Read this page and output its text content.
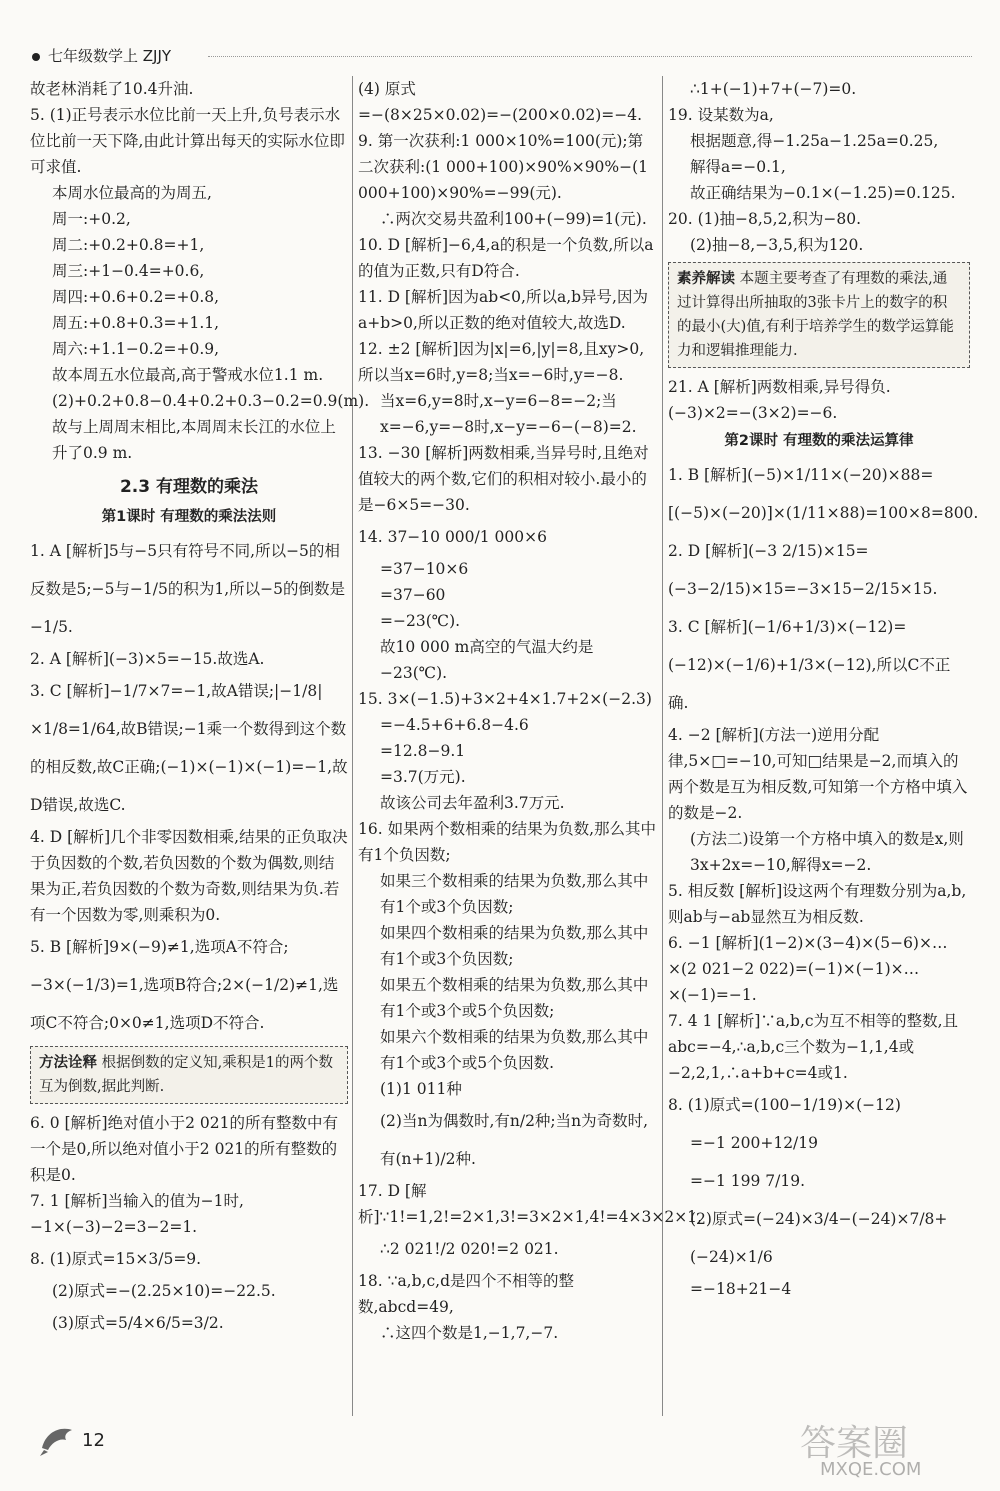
七年级数学上 ZJJY
故老林消耗了10.4升油.
5. (1)正号表示水位比前一天上升,负号表示水位比前一天下降,由此计算出每天的实际水位即可求值.
本周水位最高的为周五,
周一:+0.2,
周二:+0.2+0.8=+1,
周三:+1−0.4=+0.6,
周四:+0.6+0.2=+0.8,
周五:+0.8+0.3=+1.1,
周六:+1.1−0.2=+0.9,
故本周五水位最高,高于警戒水位1.1 m.
(2)+0.2+0.8−0.4+0.2+0.3−0.2=0.9(m).
故与上周周末相比,本周周末长江的水位上升了0.9 m.
2.3 有理数的乘法
第1课时 有理数的乘法法则
1. A [解析]5与−5只有符号不同,所以−5的相反数是5;−5与−1/5的积为1,所以−5的倒数是−1/5.
2. A [解析](−3)×5=−15.故选A.
3. C [解析]−1/7×7=−1,故A错误;|−1/8|×1/8=1/64,故B错误;−1乘一个数得到这个数的相反数,故C正确;(−1)×(−1)×(−1)=−1,故D错误,故选C.
4. D [解析]几个非零因数相乘,结果的正负取决于负因数的个数,若负因数的个数为偶数,则结果为正,若负因数的个数为奇数,则结果为负.若有一个因数为零,则乘积为0.
5. B [解析]9×(−9)≠1,选项A不符合;−3×(−1/3)=1,选项B符合;2×(−1/2)≠1,选项C不符合;0×0≠1,选项D不符合.
方法诠释 根据倒数的定义知,乘积是1的两个数互为倒数,据此判断.
6. 0 [解析]绝对值小于2 021的所有整数中有一个是0,所以绝对值小于2 021的所有整数的积是0.
7. 1 [解析]当输入的值为−1时,−1×(−3)−2=3−2=1.
8. (1)原式=15×3/5=9.
(2)原式=−(2.25×10)=−22.5.
(3)原式=5/4×6/5=3/2.
(4) 原式=−(8×25×0.02)=−(200×0.02)=−4.
9. 第一次获利:1 000×10%=100(元);第二次获利:(1 000+100)×90%×90%−(1 000+100)×90%=−99(元).
∴两次交易共盈利100+(−99)=1(元).
10. D [解析]−6,4,a的积是一个负数,所以a的值为正数,只有D符合.
11. D [解析]因为ab<0,所以a,b异号,因为a+b>0,所以正数的绝对值较大,故选D.
12. ±2 [解析]因为|x|=6,|y|=8,且xy>0,所以当x=6时,y=8;当x=−6时,y=−8.
当x=6,y=8时,x−y=6−8=−2;当x=−6,y=−8时,x−y=−6−(−8)=2.
13. −30 [解析]两数相乘,当异号时,且绝对值较大的两个数,它们的积相对较小.最小的是−6×5=−30.
14. 37−10 000/1 000×6
=37−10×6
=37−60
=−23(℃).
故10 000 m高空的气温大约是−23(℃).
15. 3×(−1.5)+3×2+4×1.7+2×(−2.3)
=−4.5+6+6.8−4.6
=12.8−9.1
=3.7(万元).
故该公司去年盈利3.7万元.
16. 如果两个数相乘的结果为负数,那么其中有1个负因数;
如果三个数相乘的结果为负数,那么其中有1个或3个负因数;
如果四个数相乘的结果为负数,那么其中有1个或3个负因数;
如果五个数相乘的结果为负数,那么其中有1个或3个或5个负因数;
如果六个数相乘的结果为负数,那么其中有1个或3个或5个负因数.
(1)1 011种
(2)当n为偶数时,有n/2种;当n为奇数时,有(n+1)/2种.
17. D [解析]∵1!=1,2!=2×1,3!=3×2×1,4!=4×3×2×1,
∴2 021!/2 020!=2 021.
18. ∵a,b,c,d是四个不相等的整数,abcd=49,
∴这四个数是1,−1,7,−7.
∴1+(−1)+7+(−7)=0.
19. 设某数为a,
根据题意,得−1.25a−1.25a=0.25,
解得a=−0.1,
故正确结果为−0.1×(−1.25)=0.125.
20. (1)抽−8,5,2,积为−80.
(2)抽−8,−3,5,积为120.
素养解读 本题主要考查了有理数的乘法,通过计算得出所抽取的3张卡片上的数字的积的最小(大)值,有利于培养学生的数学运算能力和逻辑推理能力.
21. A [解析]两数相乘,异号得负.(−3)×2=−(3×2)=−6.
第2课时 有理数的乘法运算律
1. B [解析](−5)×1/11×(−20)×88=[(−5)×(−20)]×(1/11×88)=100×8=800.
2. D [解析](−3 2/15)×15=(−3−2/15)×15=−3×15−2/15×15.
3. C [解析](−1/6+1/3)×(−12)=(−12)×(−1/6)+1/3×(−12),所以C不正确.
4. −2 [解析](方法一)逆用分配律,5×□=−10,可知□结果是−2,而填入的两个数是互为相反数,可知第一个方格中填入的数是−2.
(方法二)设第一个方格中填入的数是x,则3x+2x=−10,解得x=−2.
5. 相反数 [解析]设这两个有理数分别为a,b,则ab与−ab显然互为相反数.
6. −1 [解析](1−2)×(3−4)×(5−6)×…×(2 021−2 022)=(−1)×(−1)×…×(−1)=−1.
7. 4 1 [解析]∵a,b,c为互不相等的整数,且abc=−4,∴a,b,c三个数为−1,1,4或−2,2,1,∴a+b+c=4或1.
8. (1)原式=(100−1/19)×(−12)
=−1 200+12/19
=−1 199 7/19.
(2)原式=(−24)×3/4−(−24)×7/8+(−24)×1/6
=−18+21−4
12	答案圈
MXQE.COM
